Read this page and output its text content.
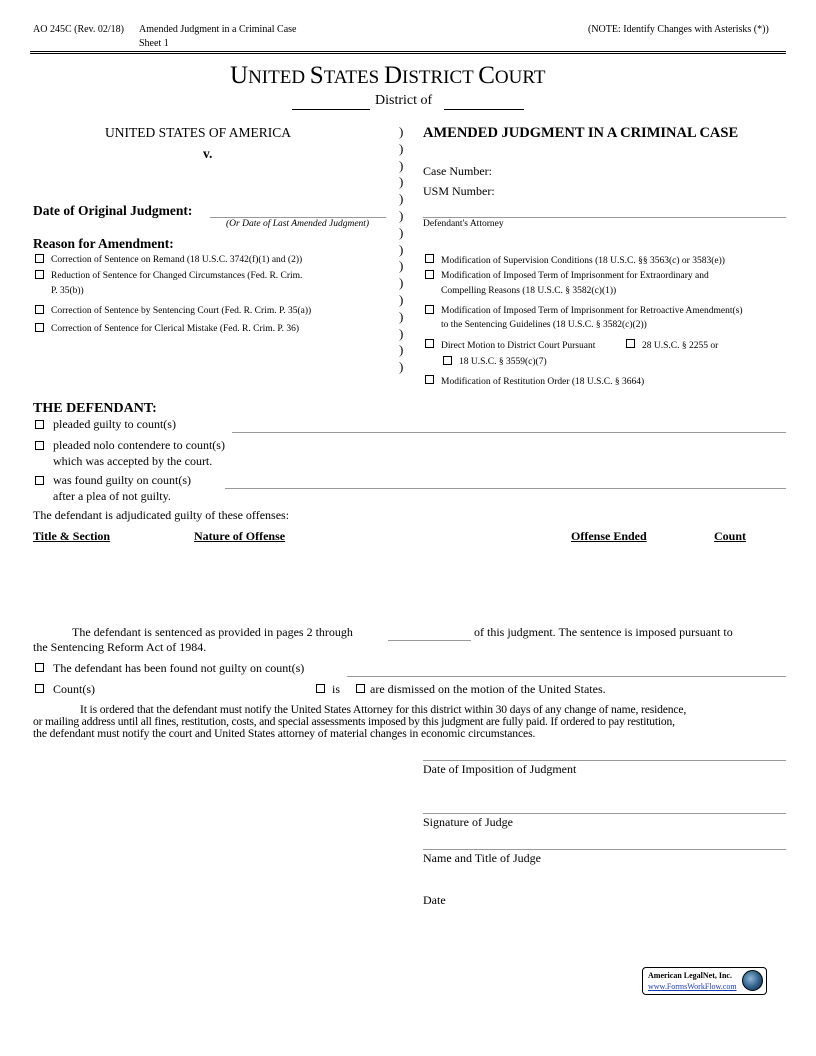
AO 245C (Rev. 02/18) Amended Judgment in a Criminal Case
Sheet 1
(NOTE: Identify Changes with Asterisks (*))
UNITED STATES DISTRICT COURT
District of
UNITED STATES OF AMERICA
v.
Date of Original Judgment:
(Or Date of Last Amended Judgment)
)
)
)
)
)
)
)
)
)
)
)
)
)
)
)
AMENDED JUDGMENT IN A CRIMINAL CASE
Case Number:
USM Number:
Defendant's Attorney
Reason for Amendment:
Correction of Sentence on Remand (18 U.S.C. 3742(f)(1) and (2))
Reduction of Sentence for Changed Circumstances (Fed. R. Crim.
P. 35(b))
Correction of Sentence by Sentencing Court (Fed. R. Crim. P. 35(a))
Correction of Sentence for Clerical Mistake (Fed. R. Crim. P. 36)
Modification of Supervision Conditions (18 U.S.C. §§ 3563(c) or 3583(e))
Modification of Imposed Term of Imprisonment for Extraordinary and
Compelling Reasons (18 U.S.C. § 3582(c)(1))
Modification of Imposed Term of Imprisonment for Retroactive Amendment(s)
to the Sentencing Guidelines (18 U.S.C. § 3582(c)(2))
Direct Motion to District Court Pursuant	28 U.S.C. § 2255 or
18 U.S.C. § 3559(c)(7)
Modification of Restitution Order (18 U.S.C. § 3664)
THE DEFENDANT:
pleaded guilty to count(s)
pleaded nolo contendere to count(s)
which was accepted by the court.
was found guilty on count(s)
after a plea of not guilty.
The defendant is adjudicated guilty of these offenses:
Title & Section	Nature of Offense	Offense Ended	Count
The defendant is sentenced as provided in pages 2 through	of this judgment. The sentence is imposed pursuant to
the Sentencing Reform Act of 1984.
The defendant has been found not guilty on count(s)
Count(s)	is are dismissed on the motion of the United States.
It is ordered that the defendant must notify the United States Attorney for this district within 30 days of any change of name, residence,
or mailing address until all fines, restitution, costs, and special assessments imposed by this judgment are fully paid. If ordered to pay restitution,
the defendant must notify the court and United States attorney of material changes in economic circumstances.
Date of Imposition of Judgment
Signature of Judge
Name and Title of Judge
Date
American LegalNet, Inc.
www.FormsWorkFlow.com
